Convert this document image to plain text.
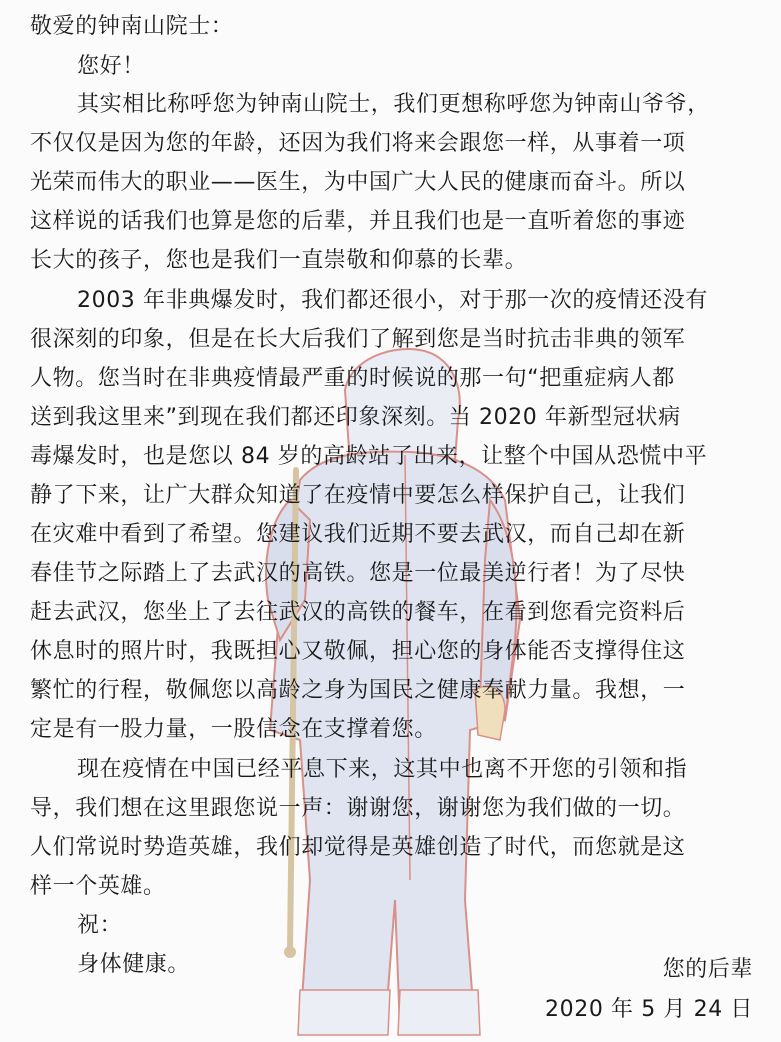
敬爱的钟南山院士：

您好！

其实相比称呼您为钟南山院士，我们更想称呼您为钟南山爷爷，

不仅仅是因为您的年龄，还因为我们将来会跟您一样，从事着一项

光荣而伟大的职业——医生，为中国广大人民的健康而奋斗。所以

这样说的话我们也算是您的后辈，并且我们也是一直听着您的事迹

长大的孩子，您也是我们一直崇敬和仰慕的长辈。

2003 年非典爆发时，我们都还很小，对于那一次的疫情还没有

很深刻的印象，但是在长大后我们了解到您是当时抗击非典的领军

人物。您当时在非典疫情最严重的时候说的那一句“把重症病人都

送到我这里来”到现在我们都还印象深刻。当 2020 年新型冠状病

毒爆发时，也是您以 84 岁的高龄站了出来，让整个中国从恐慌中平

静了下来，让广大群众知道了在疫情中要怎么样保护自己，让我们

在灾难中看到了希望。您建议我们近期不要去武汉，而自己却在新

春佳节之际踏上了去武汉的高铁。您是一位最美逆行者！为了尽快

赶去武汉，您坐上了去往武汉的高铁的餐车，在看到您看完资料后

休息时的照片时，我既担心又敬佩，担心您的身体能否支撑得住这

繁忙的行程，敬佩您以高龄之身为国民之健康奉献力量。我想，一

定是有一股力量，一股信念在支撑着您。

现在疫情在中国已经平息下来，这其中也离不开您的引领和指

导，我们想在这里跟您说一声：谢谢您，谢谢您为我们做的一切。

人们常说时势造英雄，我们却觉得是英雄创造了时代，而您就是这

样一个英雄。

祝：

身体健康。	您的后辈

2020 年 5 月 24 日
